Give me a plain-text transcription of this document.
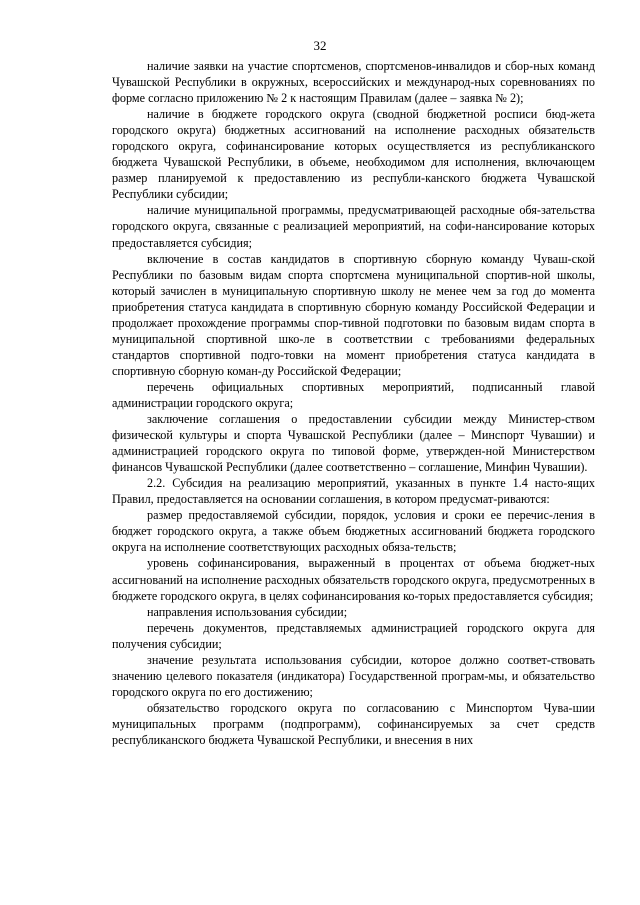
32

наличие заявки на участие спортсменов, спортсменов-инвалидов и сбор-ных команд Чувашской Республики в окружных, всероссийских и международ-ных соревнованиях по форме согласно приложению № 2 к настоящим Правилам (далее – заявка № 2);

наличие в бюджете городского округа (сводной бюджетной росписи бюд-жета городского округа) бюджетных ассигнований на исполнение расходных обязательств городского округа, софинансирование которых осуществляется из республиканского бюджета Чувашской Республики, в объеме, необходимом для исполнения, включающем размер планируемой к предоставлению из республи-канского бюджета Чувашской Республики субсидии;

наличие муниципальной программы, предусматривающей расходные обя-зательства городского округа, связанные с реализацией мероприятий, на софи-нансирование которых предоставляется субсидия;

включение в состав кандидатов в спортивную сборную команду Чуваш-ской Республики по базовым видам спорта спортсмена муниципальной спортив-ной школы, который зачислен в муниципальную спортивную школу не менее чем за год до момента приобретения статуса кандидата в спортивную сборную команду Российской Федерации и продолжает прохождение программы спор-тивной подготовки по базовым видам спорта в муниципальной спортивной шко-ле в соответствии с требованиями федеральных стандартов спортивной подго-товки на момент приобретения статуса кандидата в спортивную сборную коман-ду Российской Федерации;

перечень официальных спортивных мероприятий, подписанный главой администрации городского округа;

заключение соглашения о предоставлении субсидии между Министер-ством физической культуры и спорта Чувашской Республики (далее – Минспорт Чувашии) и администрацией городского округа по типовой форме, утвержден-ной Министерством финансов Чувашской Республики (далее соответственно – соглашение, Минфин Чувашии).

2.2. Субсидия на реализацию мероприятий, указанных в пункте 1.4 насто-ящих Правил, предоставляется на основании соглашения, в котором предусмат-риваются:

размер предоставляемой субсидии, порядок, условия и сроки ее перечис-ления в бюджет городского округа, а также объем бюджетных ассигнований бюджета городского округа на исполнение соответствующих расходных обяза-тельств;

уровень софинансирования, выраженный в процентах от объема бюджет-ных ассигнований на исполнение расходных обязательств городского округа, предусмотренных в бюджете городского округа, в целях софинансирования ко-торых предоставляется субсидия;

направления использования субсидии;

перечень документов, представляемых администрацией городского округа для получения субсидии;

значение результата использования субсидии, которое должно соответ-ствовать значению целевого показателя (индикатора) Государственной програм-мы, и обязательство городского округа по его достижению;

обязательство городского округа по согласованию с Минспортом Чува-шии муниципальных программ (подпрограмм), софинансируемых за счет средств республиканского бюджета Чувашской Республики, и внесения в них
